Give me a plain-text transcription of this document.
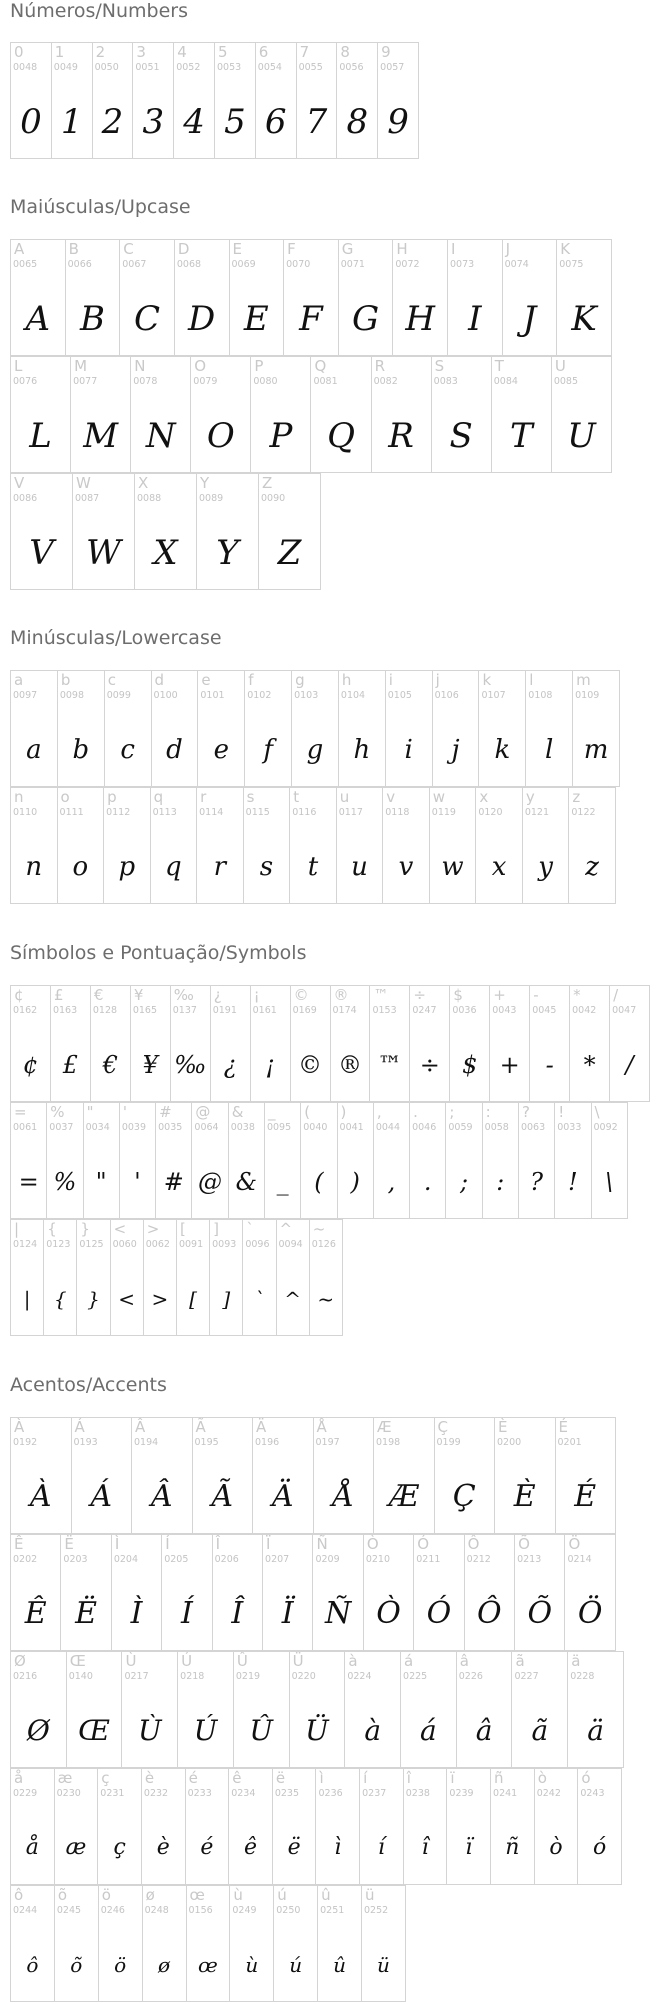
Números/Numbers
0
0048
0
1
0049
1
2
0050
2
3
0051
3
4
0052
4
5
0053
5
6
0054
6
7
0055
7
8
0056
8
9
0057
9
Maiúsculas/Upcase
A
0065
A
B
0066
B
C
0067
C
D
0068
D
E
0069
E
F
0070
F
G
0071
G
H
0072
H
I
0073
I
J
0074
J
K
0075
K
L
0076
L
M
0077
M
N
0078
N
O
0079
O
P
0080
P
Q
0081
Q
R
0082
R
S
0083
S
T
0084
T
U
0085
U
V
0086
V
W
0087
W
X
0088
X
Y
0089
Y
Z
0090
Z
Minúsculas/Lowercase
a
0097
a
b
0098
b
c
0099
c
d
0100
d
e
0101
e
f
0102
f
g
0103
g
h
0104
h
i
0105
i
j
0106
j
k
0107
k
l
0108
l
m
0109
m
n
0110
n
o
0111
o
p
0112
p
q
0113
q
r
0114
r
s
0115
s
t
0116
t
u
0117
u
v
0118
v
w
0119
w
x
0120
x
y
0121
y
z
0122
z
Símbolos e Pontuação/Symbols
¢
0162
¢
£
0163
£
€
0128
€
¥
0165
¥
‰
0137
‰
¿
0191
¿
¡
0161
¡
©
0169
©
®
0174
®
™
0153
™
÷
0247
÷
$
0036
$
+
0043
+
-
0045
-
*
0042
*
/
0047
/
=
0061
=
%
0037
%
"
0034
"
'
0039
'
#
0035
#
@
0064
@
&
0038
&
_
0095
_
(
0040
(
)
0041
)
,
0044
,
.
0046
.
;
0059
;
:
0058
:
?
0063
?
!
0033
!
\
0092
\
|
0124
|
{
0123
{
}
0125
}
<
0060
<
>
0062
>
[
0091
[
]
0093
]
`
0096
`
^
0094
^
~
0126
~
Acentos/Accents
À
0192
À
Á
0193
Á
Â
0194
Â
Ã
0195
Ã
Ä
0196
Ä
Å
0197
Å
Æ
0198
Æ
Ç
0199
Ç
È
0200
È
É
0201
É
Ê
0202
Ê
Ë
0203
Ë
Ì
0204
Ì
Í
0205
Í
Î
0206
Î
Ï
0207
Ï
Ñ
0209
Ñ
Ò
0210
Ò
Ó
0211
Ó
Ô
0212
Ô
Õ
0213
Õ
Ö
0214
Ö
Ø
0216
Ø
Œ
0140
Œ
Ù
0217
Ù
Ú
0218
Ú
Û
0219
Û
Ü
0220
Ü
à
0224
à
á
0225
á
â
0226
â
ã
0227
ã
ä
0228
ä
å
0229
å
æ
0230
æ
ç
0231
ç
è
0232
è
é
0233
é
ê
0234
ê
ë
0235
ë
ì
0236
ì
í
0237
í
î
0238
î
ï
0239
ï
ñ
0241
ñ
ò
0242
ò
ó
0243
ó
ô
0244
ô
õ
0245
õ
ö
0246
ö
ø
0248
ø
œ
0156
œ
ù
0249
ù
ú
0250
ú
û
0251
û
ü
0252
ü
